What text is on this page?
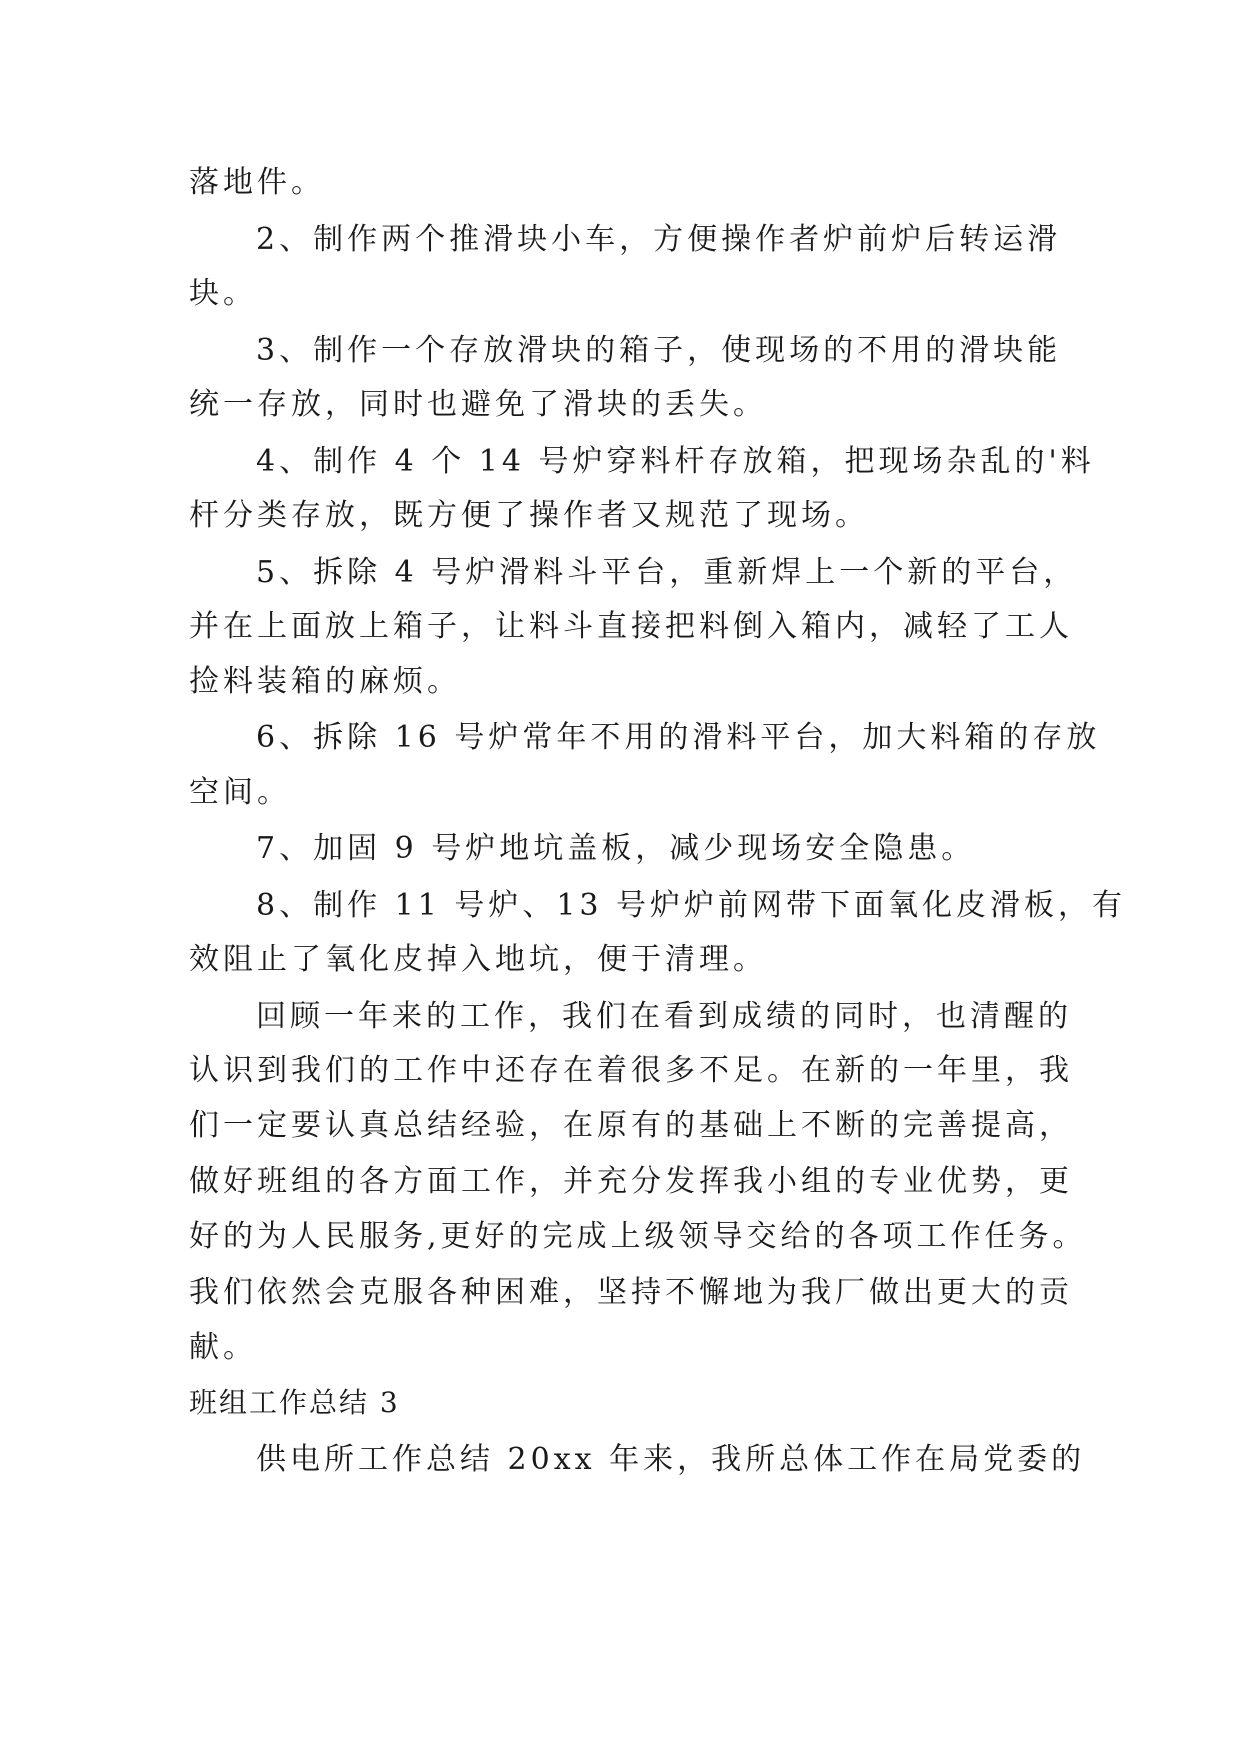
落地件。
2、制作两个推滑块小车，方便操作者炉前炉后转运滑
块。
3、制作一个存放滑块的箱子，使现场的不用的滑块能
统一存放，同时也避免了滑块的丢失。
4、制作 4 个 14 号炉穿料杆存放箱，把现场杂乱的'料
杆分类存放，既方便了操作者又规范了现场。
5、拆除 4 号炉滑料斗平台，重新焊上一个新的平台，
并在上面放上箱子，让料斗直接把料倒入箱内，减轻了工人
捡料装箱的麻烦。
6、拆除 16 号炉常年不用的滑料平台，加大料箱的存放
空间。
7、加固 9 号炉地坑盖板，减少现场安全隐患。
8、制作 11 号炉、13 号炉炉前网带下面氧化皮滑板，有
效阻止了氧化皮掉入地坑，便于清理。
回顾一年来的工作，我们在看到成绩的同时，也清醒的
认识到我们的工作中还存在着很多不足。在新的一年里，我
们一定要认真总结经验，在原有的基础上不断的完善提高，
做好班组的各方面工作，并充分发挥我小组的专业优势，更
好的为人民服务,更好的完成上级领导交给的各项工作任务。
我们依然会克服各种困难，坚持不懈地为我厂做出更大的贡
献。
班组工作总结 3
供电所工作总结 20xx 年来，我所总体工作在局党委的
